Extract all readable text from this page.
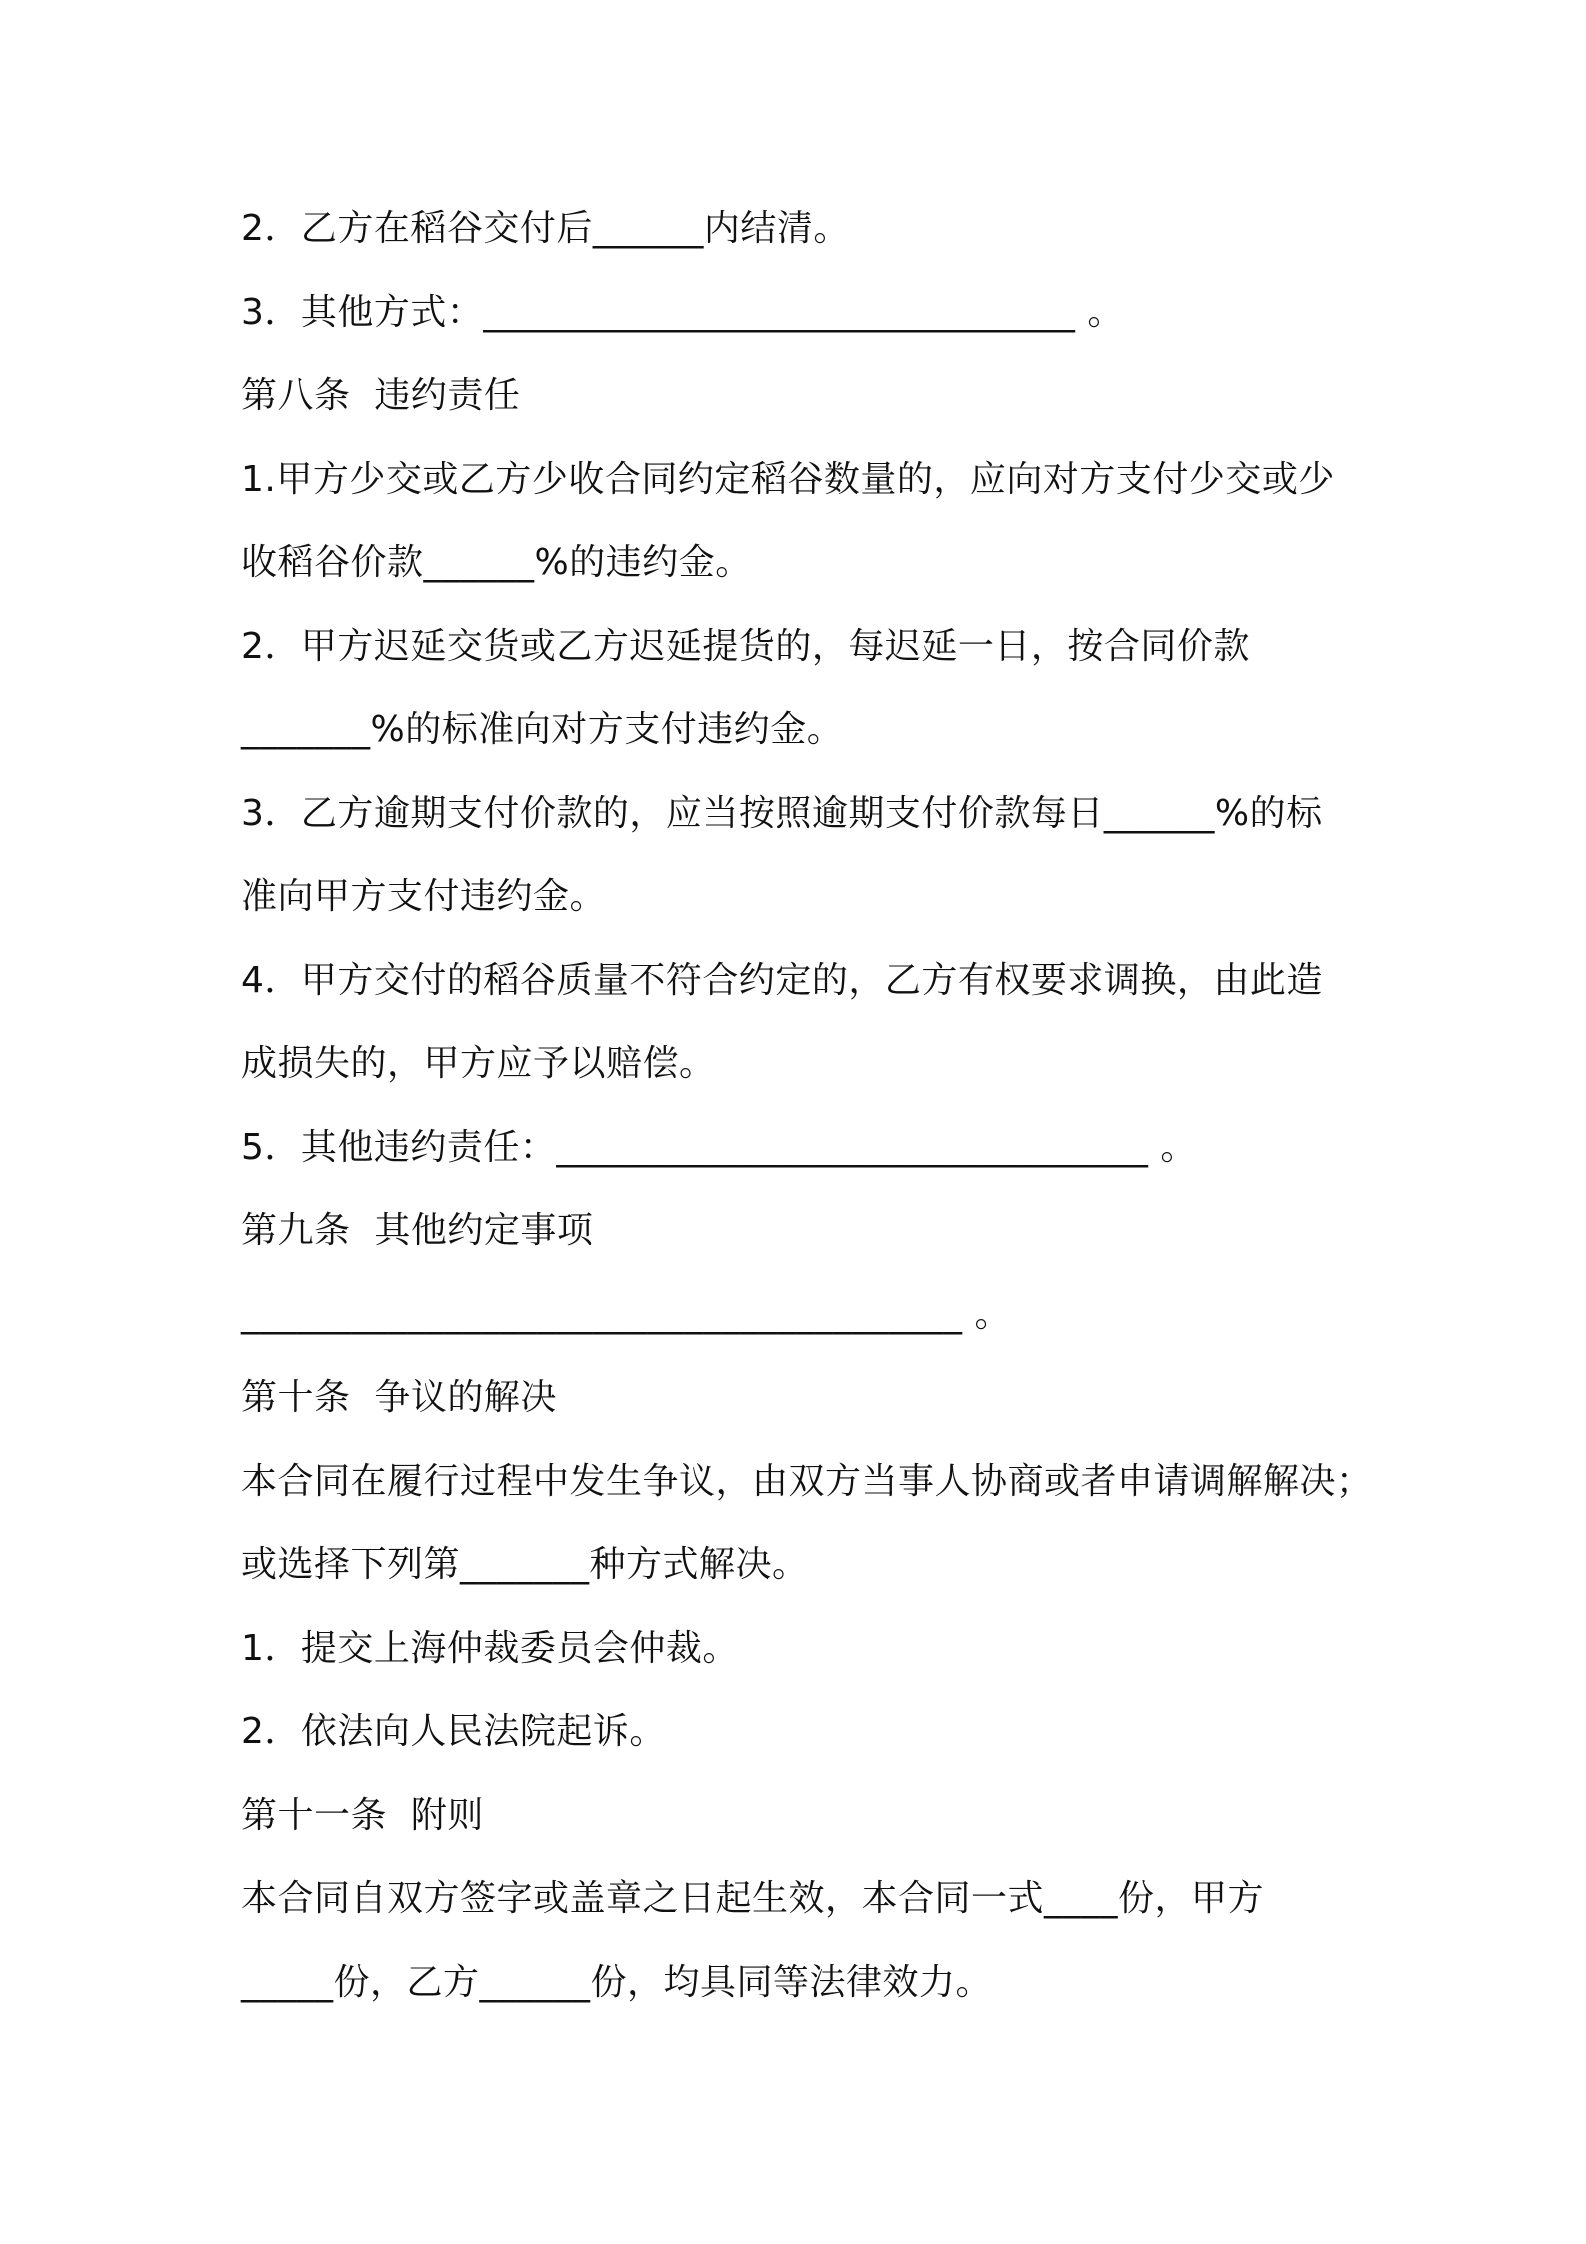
2．乙方在稻谷交付后______内结清。
3．其他方式：________________________________ 。
第八条  违约责任
1.甲方少交或乙方少收合同约定稻谷数量的，应向对方支付少交或少
收稻谷价款______%的违约金。
2．甲方迟延交货或乙方迟延提货的，每迟延一日，按合同价款
_______%的标准向对方支付违约金。
3．乙方逾期支付价款的，应当按照逾期支付价款每日______%的标
准向甲方支付违约金。
4．甲方交付的稻谷质量不符合约定的，乙方有权要求调换，由此造
成损失的，甲方应予以赔偿。
5．其他违约责任：________________________________ 。
第九条  其他约定事项
_______________________________________ 。
第十条  争议的解决
本合同在履行过程中发生争议，由双方当事人协商或者申请调解解决；
或选择下列第_______种方式解决。
1．提交上海仲裁委员会仲裁。
2．依法向人民法院起诉。
第十一条  附则
本合同自双方签字或盖章之日起生效，本合同一式____份，甲方
_____份，乙方______份，均具同等法律效力。
